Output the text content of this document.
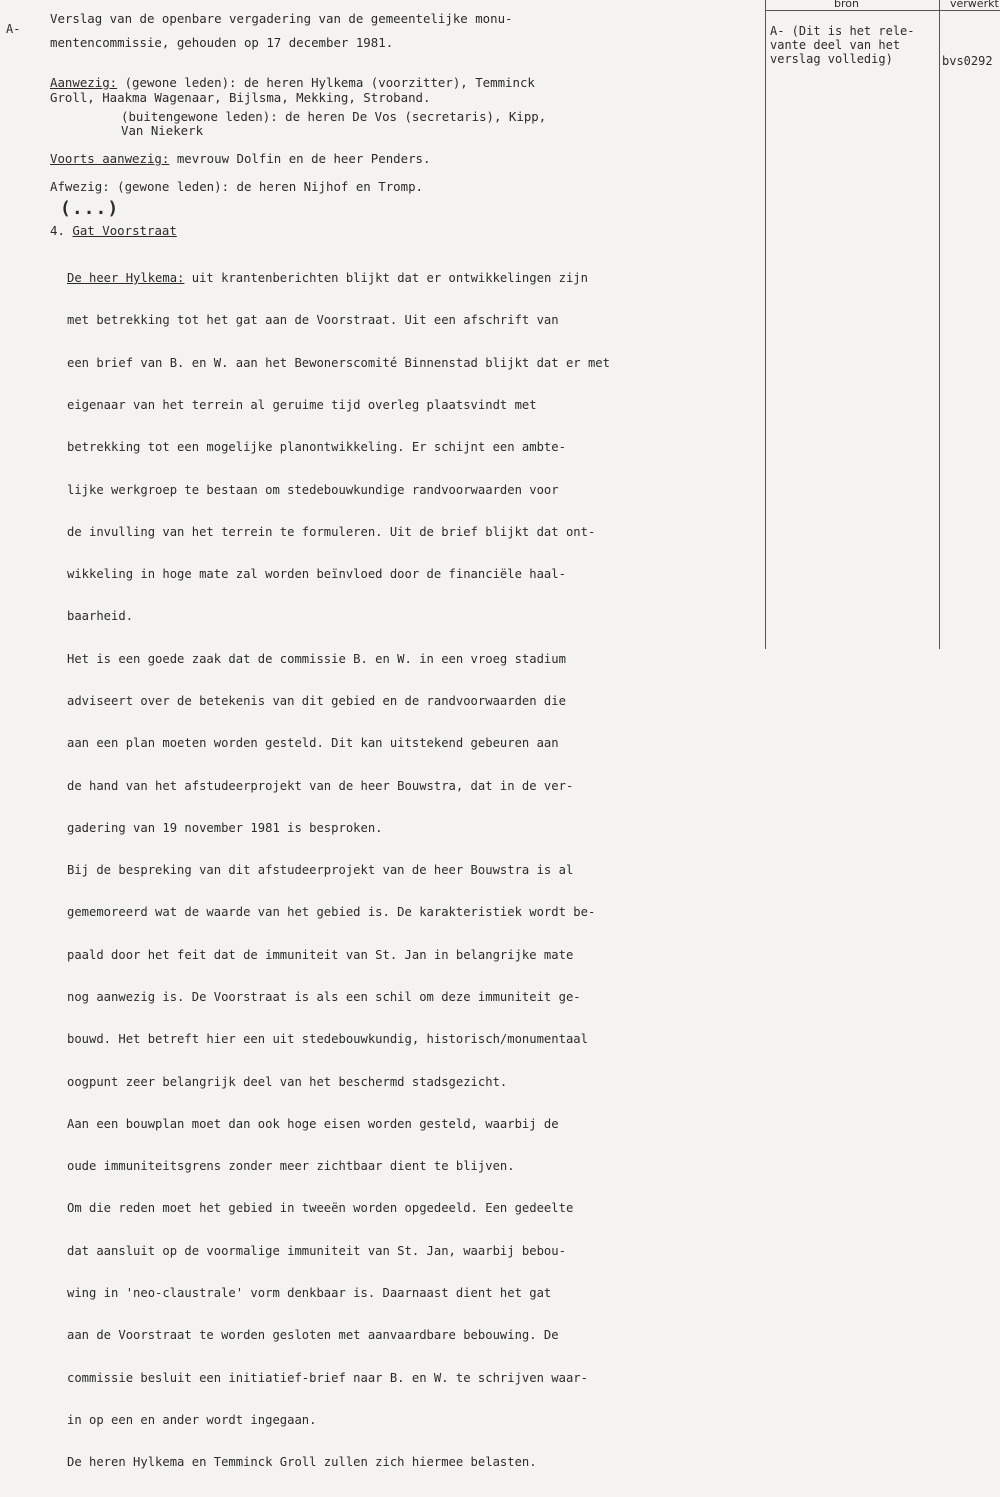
bron	verwerkt
A-
Verslag van de openbare vergadering van de gemeentelijke monu-
mentencommissie, gehouden op 17 december 1981.
Aanwezig: (gewone leden): de heren Hylkema (voorzitter), Temminck
Groll, Haakma Wagenaar, Bijlsma, Mekking, Stroband.
(buitengewone leden): de heren De Vos (secretaris), Kipp,
Van Niekerk
Voorts aanwezig: mevrouw Dolfin en de heer Penders.
Afwezig: (gewone leden): de heren Nijhof en Tromp.
(...)
4. Gat Voorstraat

De heer Hylkema: uit krantenberichten blijkt dat er ontwikkelingen zijn

met betrekking tot het gat aan de Voorstraat. Uit een afschrift van

een brief van B. en W. aan het Bewonerscomité Binnenstad blijkt dat er met

eigenaar van het terrein al geruime tijd overleg plaatsvindt met

betrekking tot een mogelijke planontwikkeling. Er schijnt een ambte-

lijke werkgroep te bestaan om stedebouwkundige randvoorwaarden voor

de invulling van het terrein te formuleren. Uit de brief blijkt dat ont-

wikkeling in hoge mate zal worden beïnvloed door de financiële haal-

baarheid.

Het is een goede zaak dat de commissie B. en W. in een vroeg stadium

adviseert over de betekenis van dit gebied en de randvoorwaarden die

aan een plan moeten worden gesteld. Dit kan uitstekend gebeuren aan

de hand van het afstudeerprojekt van de heer Bouwstra, dat in de ver-

gadering van 19 november 1981 is besproken.

Bij de bespreking van dit afstudeerprojekt van de heer Bouwstra is al

gememoreerd wat de waarde van het gebied is. De karakteristiek wordt be-

paald door het feit dat de immuniteit van St. Jan in belangrijke mate

nog aanwezig is. De Voorstraat is als een schil om deze immuniteit ge-

bouwd. Het betreft hier een uit stedebouwkundig, historisch/monumentaal

oogpunt zeer belangrijk deel van het beschermd stadsgezicht.

Aan een bouwplan moet dan ook hoge eisen worden gesteld, waarbij de

oude immuniteitsgrens zonder meer zichtbaar dient te blijven.

Om die reden moet het gebied in tweeën worden opgedeeld. Een gedeelte

dat aansluit op de voormalige immuniteit van St. Jan, waarbij bebou-

wing in 'neo-claustrale' vorm denkbaar is. Daarnaast dient het gat

aan de Voorstraat te worden gesloten met aanvaardbare bebouwing. De

commissie besluit een initiatief-brief naar B. en W. te schrijven waar-

in op een en ander wordt ingegaan.

De heren Hylkema en Temminck Groll zullen zich hiermee belasten.

A- (Dit is het rele-
vante deel van het
verslag volledig)	bvs0292
